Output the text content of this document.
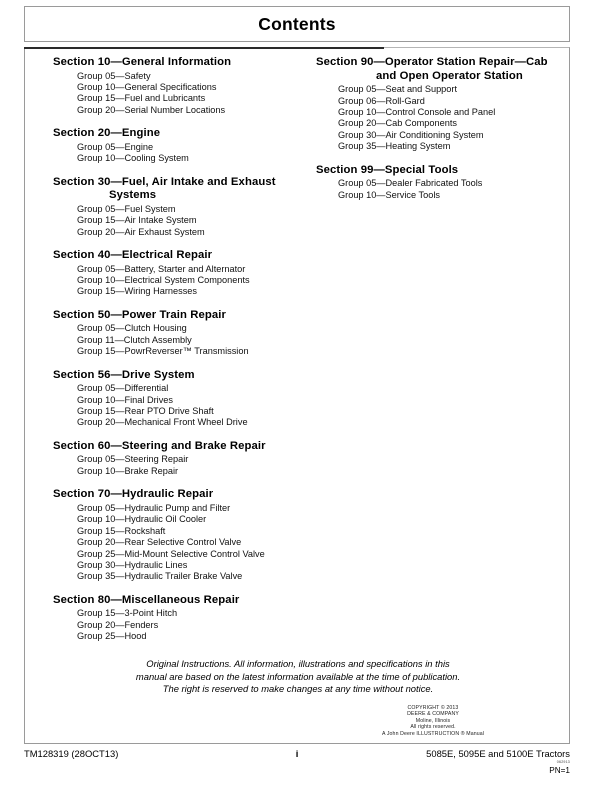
Contents
Section 10—General Information
Group 05—Safety
Group 10—General Specifications
Group 15—Fuel and Lubricants
Group 20—Serial Number Locations
Section 20—Engine
Group 05—Engine
Group 10—Cooling System
Section 30—Fuel, Air Intake and Exhaust
Systems
Group 05—Fuel System
Group 15—Air Intake System
Group 20—Air Exhaust System
Section 40—Electrical Repair
Group 05—Battery, Starter and Alternator
Group 10—Electrical System Components
Group 15—Wiring Harnesses
Section 50—Power Train Repair
Group 05—Clutch Housing
Group 11—Clutch Assembly
Group 15—PowrReverser™ Transmission
Section 56—Drive System
Group 05—Differential
Group 10—Final Drives
Group 15—Rear PTO Drive Shaft
Group 20—Mechanical Front Wheel Drive
Section 60—Steering and Brake Repair
Group 05—Steering Repair
Group 10—Brake Repair
Section 70—Hydraulic Repair
Group 05—Hydraulic Pump and Filter
Group 10—Hydraulic Oil Cooler
Group 15—Rockshaft
Group 20—Rear Selective Control Valve
Group 25—Mid-Mount Selective Control Valve
Group 30—Hydraulic Lines
Group 35—Hydraulic Trailer Brake Valve
Section 80—Miscellaneous Repair
Group 15—3-Point Hitch
Group 20—Fenders
Group 25—Hood
Section 90—Operator Station Repair—Cab
and Open Operator Station
Group 05—Seat and Support
Group 06—Roll-Gard
Group 10—Control Console and Panel
Group 20—Cab Components
Group 30—Air Conditioning System
Group 35—Heating System
Section 99—Special Tools
Group 05—Dealer Fabricated Tools
Group 10—Service Tools
Original Instructions. All information, illustrations and specifications in this
manual are based on the latest information available at the time of publication.
The right is reserved to make changes at any time without notice.
COPYRIGHT © 2013
DEERE & COMPANY
Moline, Illinois
All rights reserved.
A John Deere ILLUSTRUCTION ® Manual
TM128319 (28OCT13)	i	5085E, 5095E and 5100E Tractors
062913
PN=1
